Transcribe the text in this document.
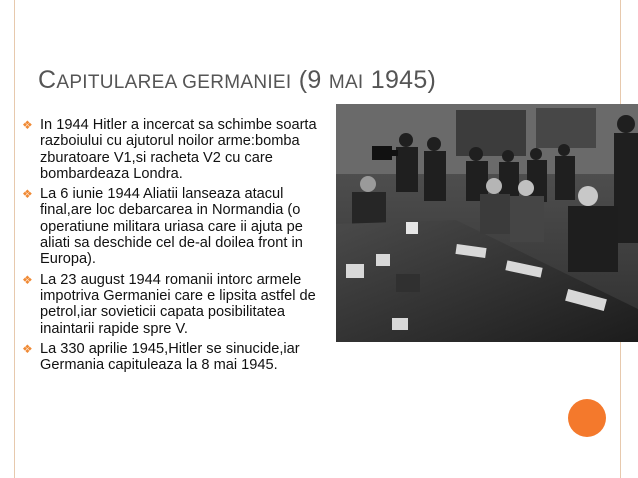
CAPITULAREA GERMANIEI (9 MAI 1945)
❖ In 1944 Hitler a incercat sa schimbe soarta razboiului cu ajutorul noilor arme:bomba zburatoare V1,si racheta V2 cu care bombardeaza Londra.
❖ La 6 iunie 1944 Aliatii lanseaza atacul final,are loc debarcarea in Normandia (o operatiune militara uriasa care ii ajuta pe aliati sa deschide cel de-al doilea front in Europa).
❖ La 23 august 1944 romanii intorc armele impotriva Germaniei care e lipsita astfel de petrol,iar sovieticii capata posibilitatea inaintarii rapide spre V.
❖ La 330 aprilie 1945,Hitler se sinucide,iar Germania capituleaza la 8 mai 1945.
